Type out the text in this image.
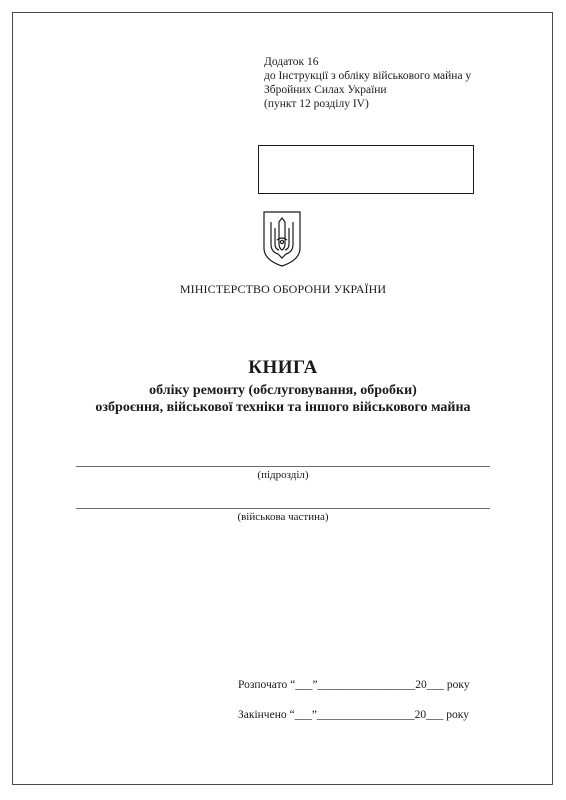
Додаток 16
до Інструкції з обліку військового майна у
Збройних Силах України
(пункт 12 розділу ІV)
МІНІСТЕРСТВО ОБОРОНИ УКРАЇНИ
КНИГА
обліку ремонту (обслуговування, обробки)
озброєння, військової техніки та іншого військового майна
(підрозділ)
(військова частина)
Розпочато “___”_________________20___ року
Закінчено “___”_________________20___ року
